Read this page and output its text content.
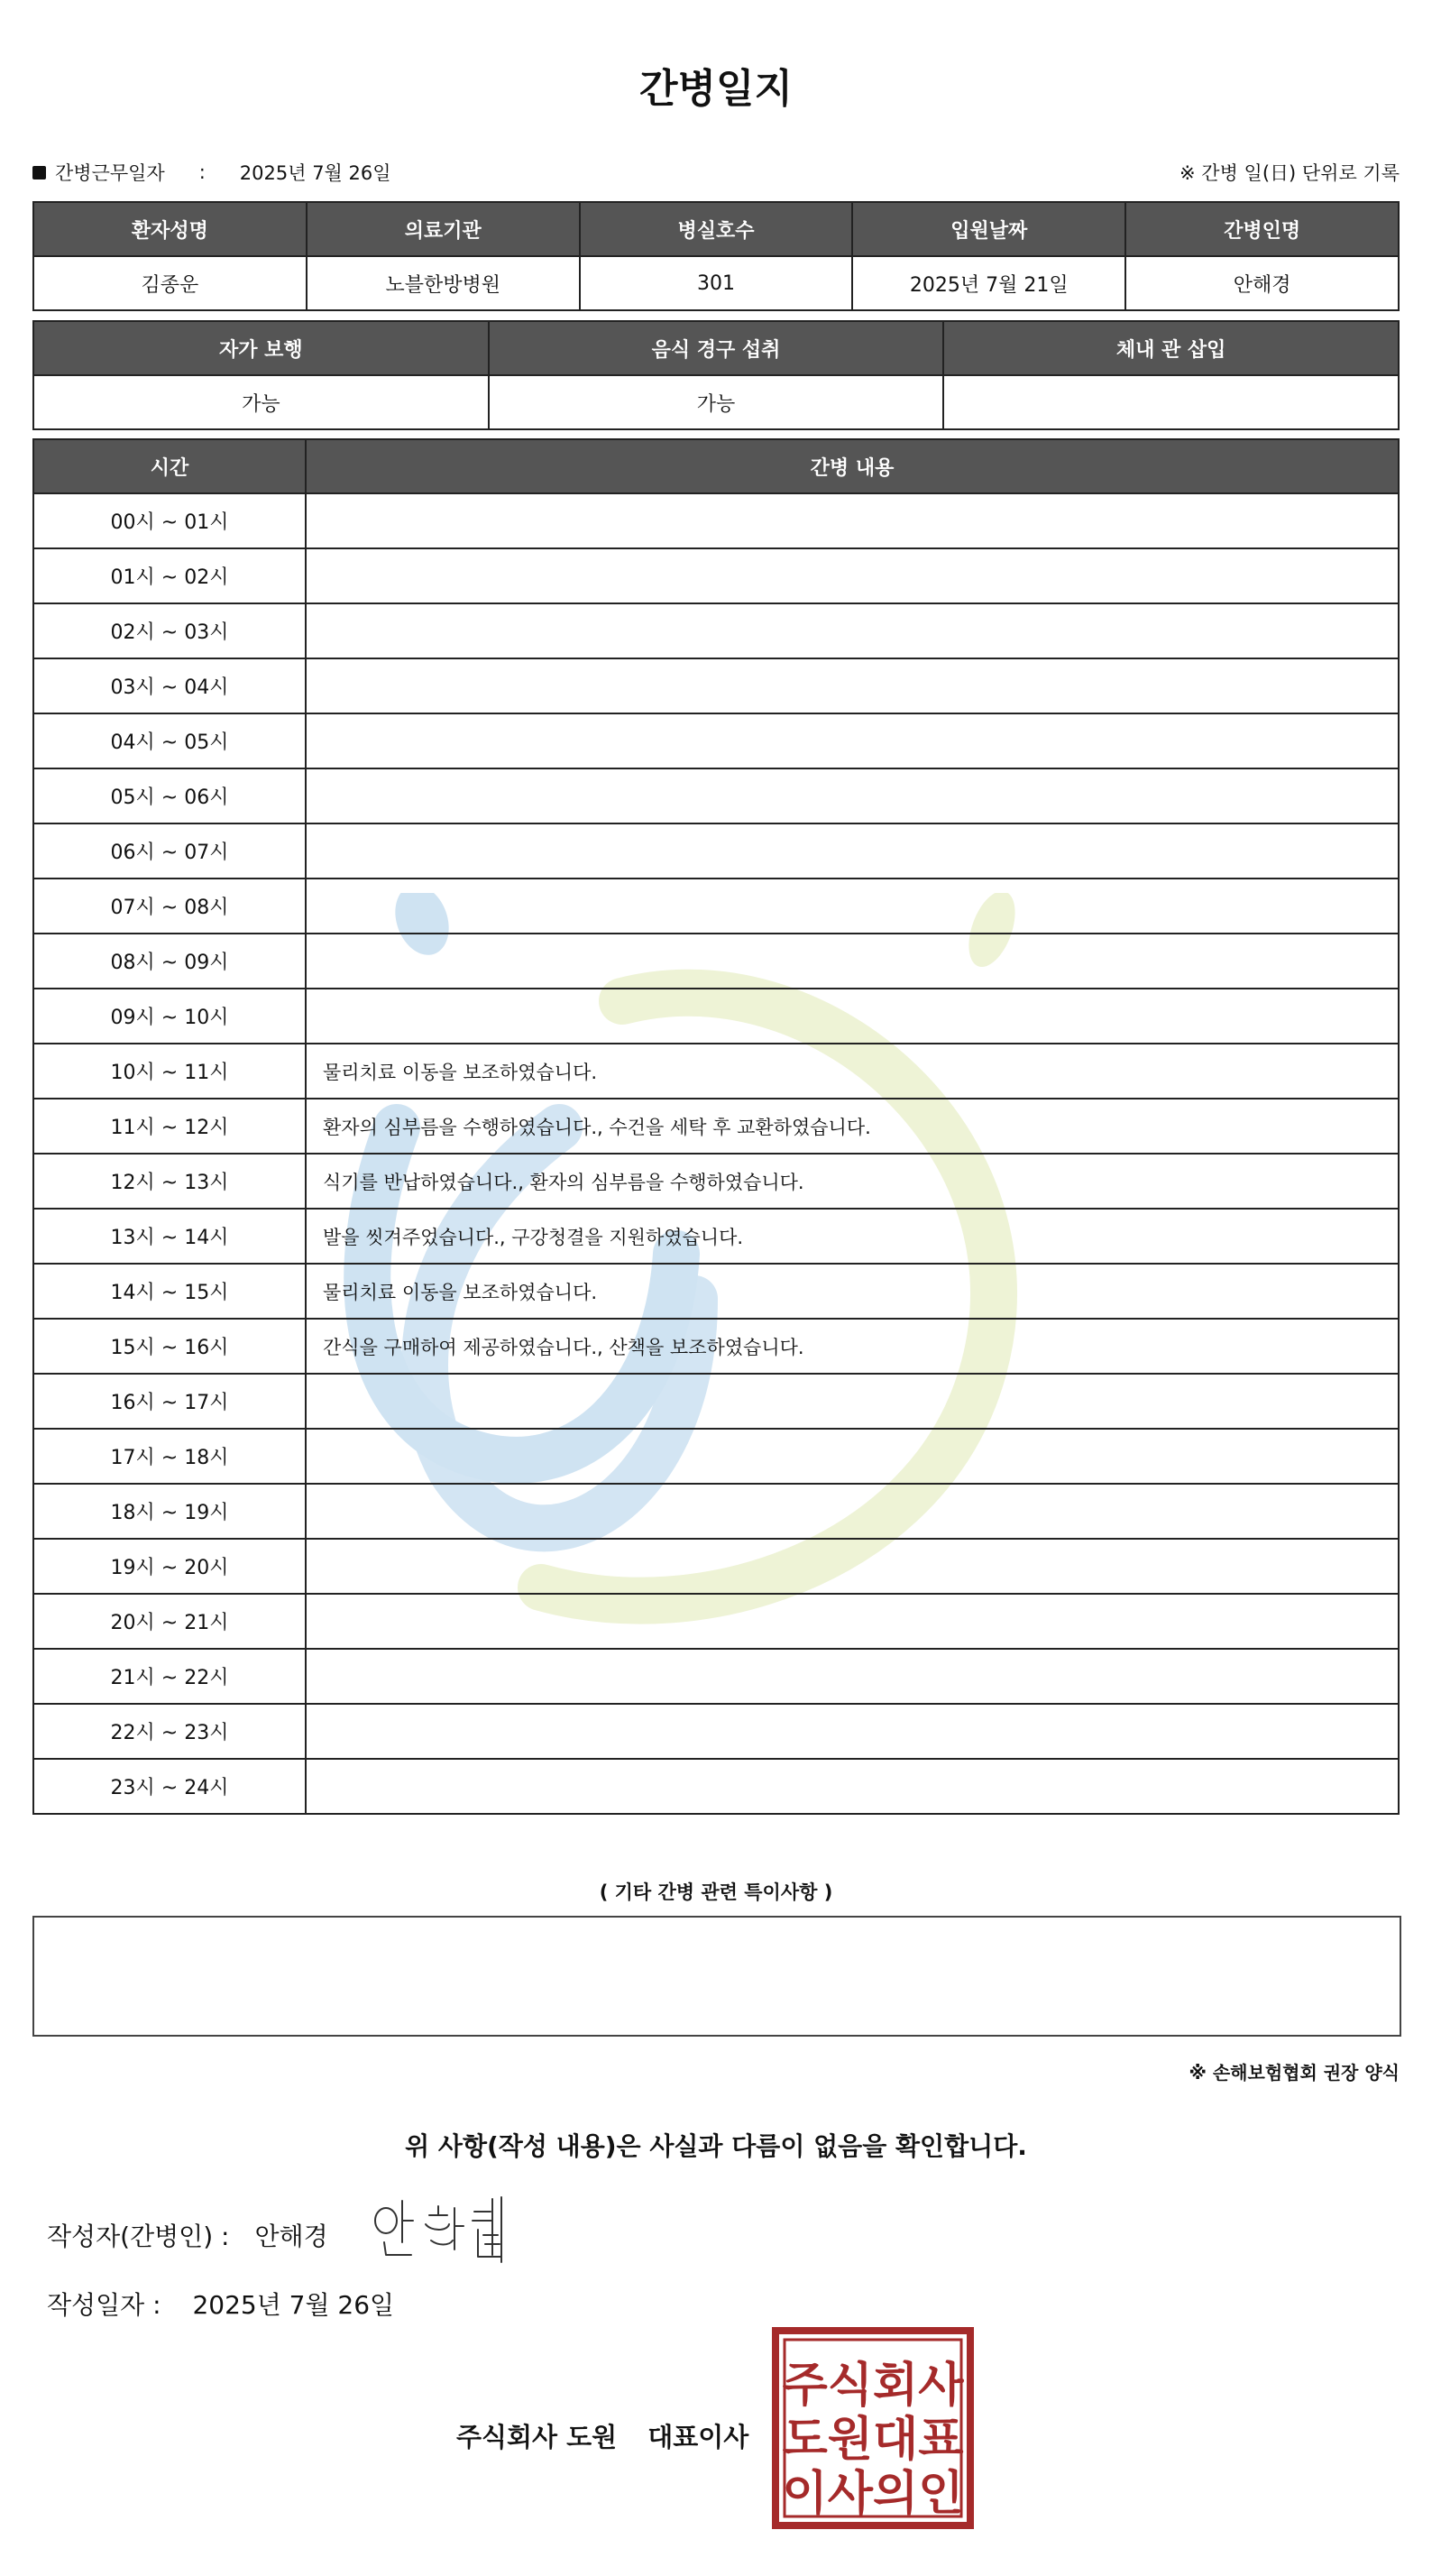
간병일지
간병근무일자 : 2025년 7월 26일	※ 간병 일(日) 단위로 기록
환자성명	의료기관	병실호수	입원날짜	간병인명
김종운	노블한방병원	301	2025년 7월 21일	안해경
자가 보행	음식 경구 섭취	체내 관 삽입
가능	가능	
시간	간병 내용
00시 ~ 01시	
01시 ~ 02시	
02시 ~ 03시	
03시 ~ 04시	
04시 ~ 05시	
05시 ~ 06시	
06시 ~ 07시	
07시 ~ 08시	
08시 ~ 09시	
09시 ~ 10시	
10시 ~ 11시	물리치료 이동을 보조하였습니다.
11시 ~ 12시	환자의 심부름을 수행하였습니다., 수건을 세탁 후 교환하였습니다.
12시 ~ 13시	식기를 반납하였습니다., 환자의 심부름을 수행하였습니다.
13시 ~ 14시	발을 씻겨주었습니다., 구강청결을 지원하였습니다.
14시 ~ 15시	물리치료 이동을 보조하였습니다.
15시 ~ 16시	간식을 구매하여 제공하였습니다., 산책을 보조하였습니다.
16시 ~ 17시	
17시 ~ 18시	
18시 ~ 19시	
19시 ~ 20시	
20시 ~ 21시	
21시 ~ 22시	
22시 ~ 23시	
23시 ~ 24시	
( 기타 간병 관련 특이사항 )
※ 손해보험협회 권장 양식
위 사항(작성 내용)은 사실과 다름이 없음을 확인합니다.
작성자(간병인) : 안해경
작성일자 : 2025년 7월 26일
주식회사 도원 대표이사
주식회사
도원대표
이사의인
